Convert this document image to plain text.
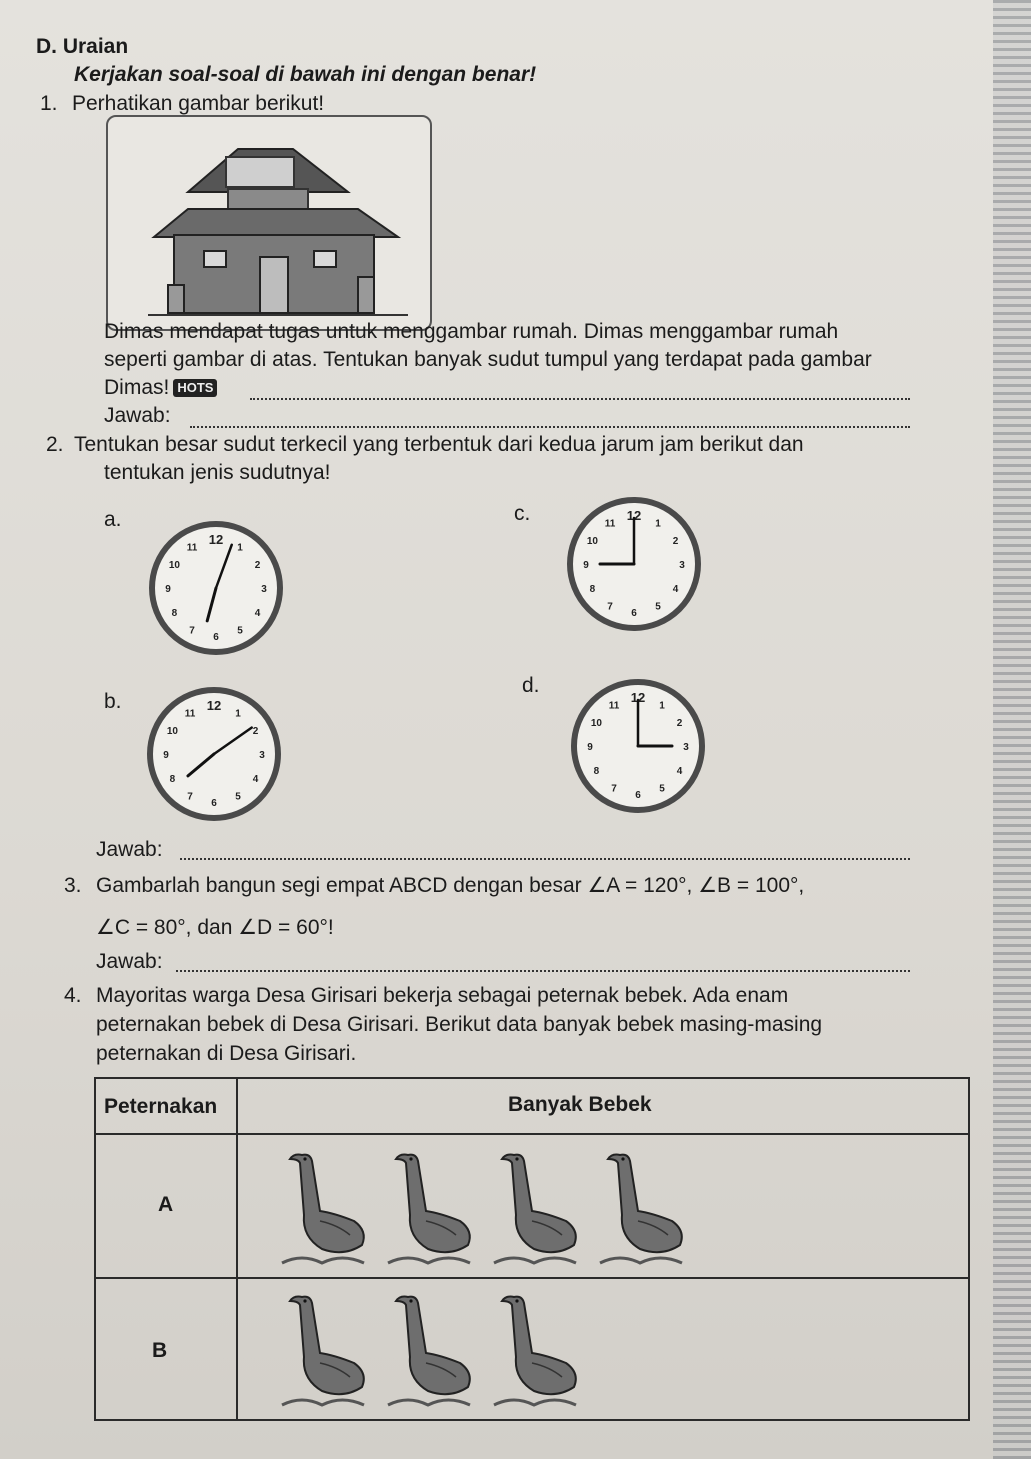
D. Uraian
Kerjakan soal-soal di bawah ini dengan benar!
1. Perhatikan gambar berikut!
Dimas mendapat tugas untuk menggambar rumah. Dimas menggambar rumah
seperti gambar di atas. Tentukan banyak sudut tumpul yang terdapat pada gambar
Dimas! HOTS
Jawab:
2. Tentukan besar sudut terkecil yang terbentuk dari kedua jarum jam berikut dan
tentukan jenis sudutnya!
a.	c.
b.
d.
12
1
2
3
4
5
6
7
8
9
10
11
12
1
2
3
4
5
6
7
8
9
10
11
12
1
2
3
4
5
6
7
8
9
10
11
12
1
2
3
4
5
6
7
8
9
10
11
Jawab:
3. Gambarlah bangun segi empat ABCD dengan besar ∠A = 120°, ∠B = 100°,
∠C = 80°, dan ∠D = 60°!
Jawab:
4. Mayoritas warga Desa Girisari bekerja sebagai peternak bebek. Ada enam
peternakan bebek di Desa Girisari. Berikut data banyak bebek masing-masing
peternakan di Desa Girisari.
Peternakan	Banyak Bebek
A
B
